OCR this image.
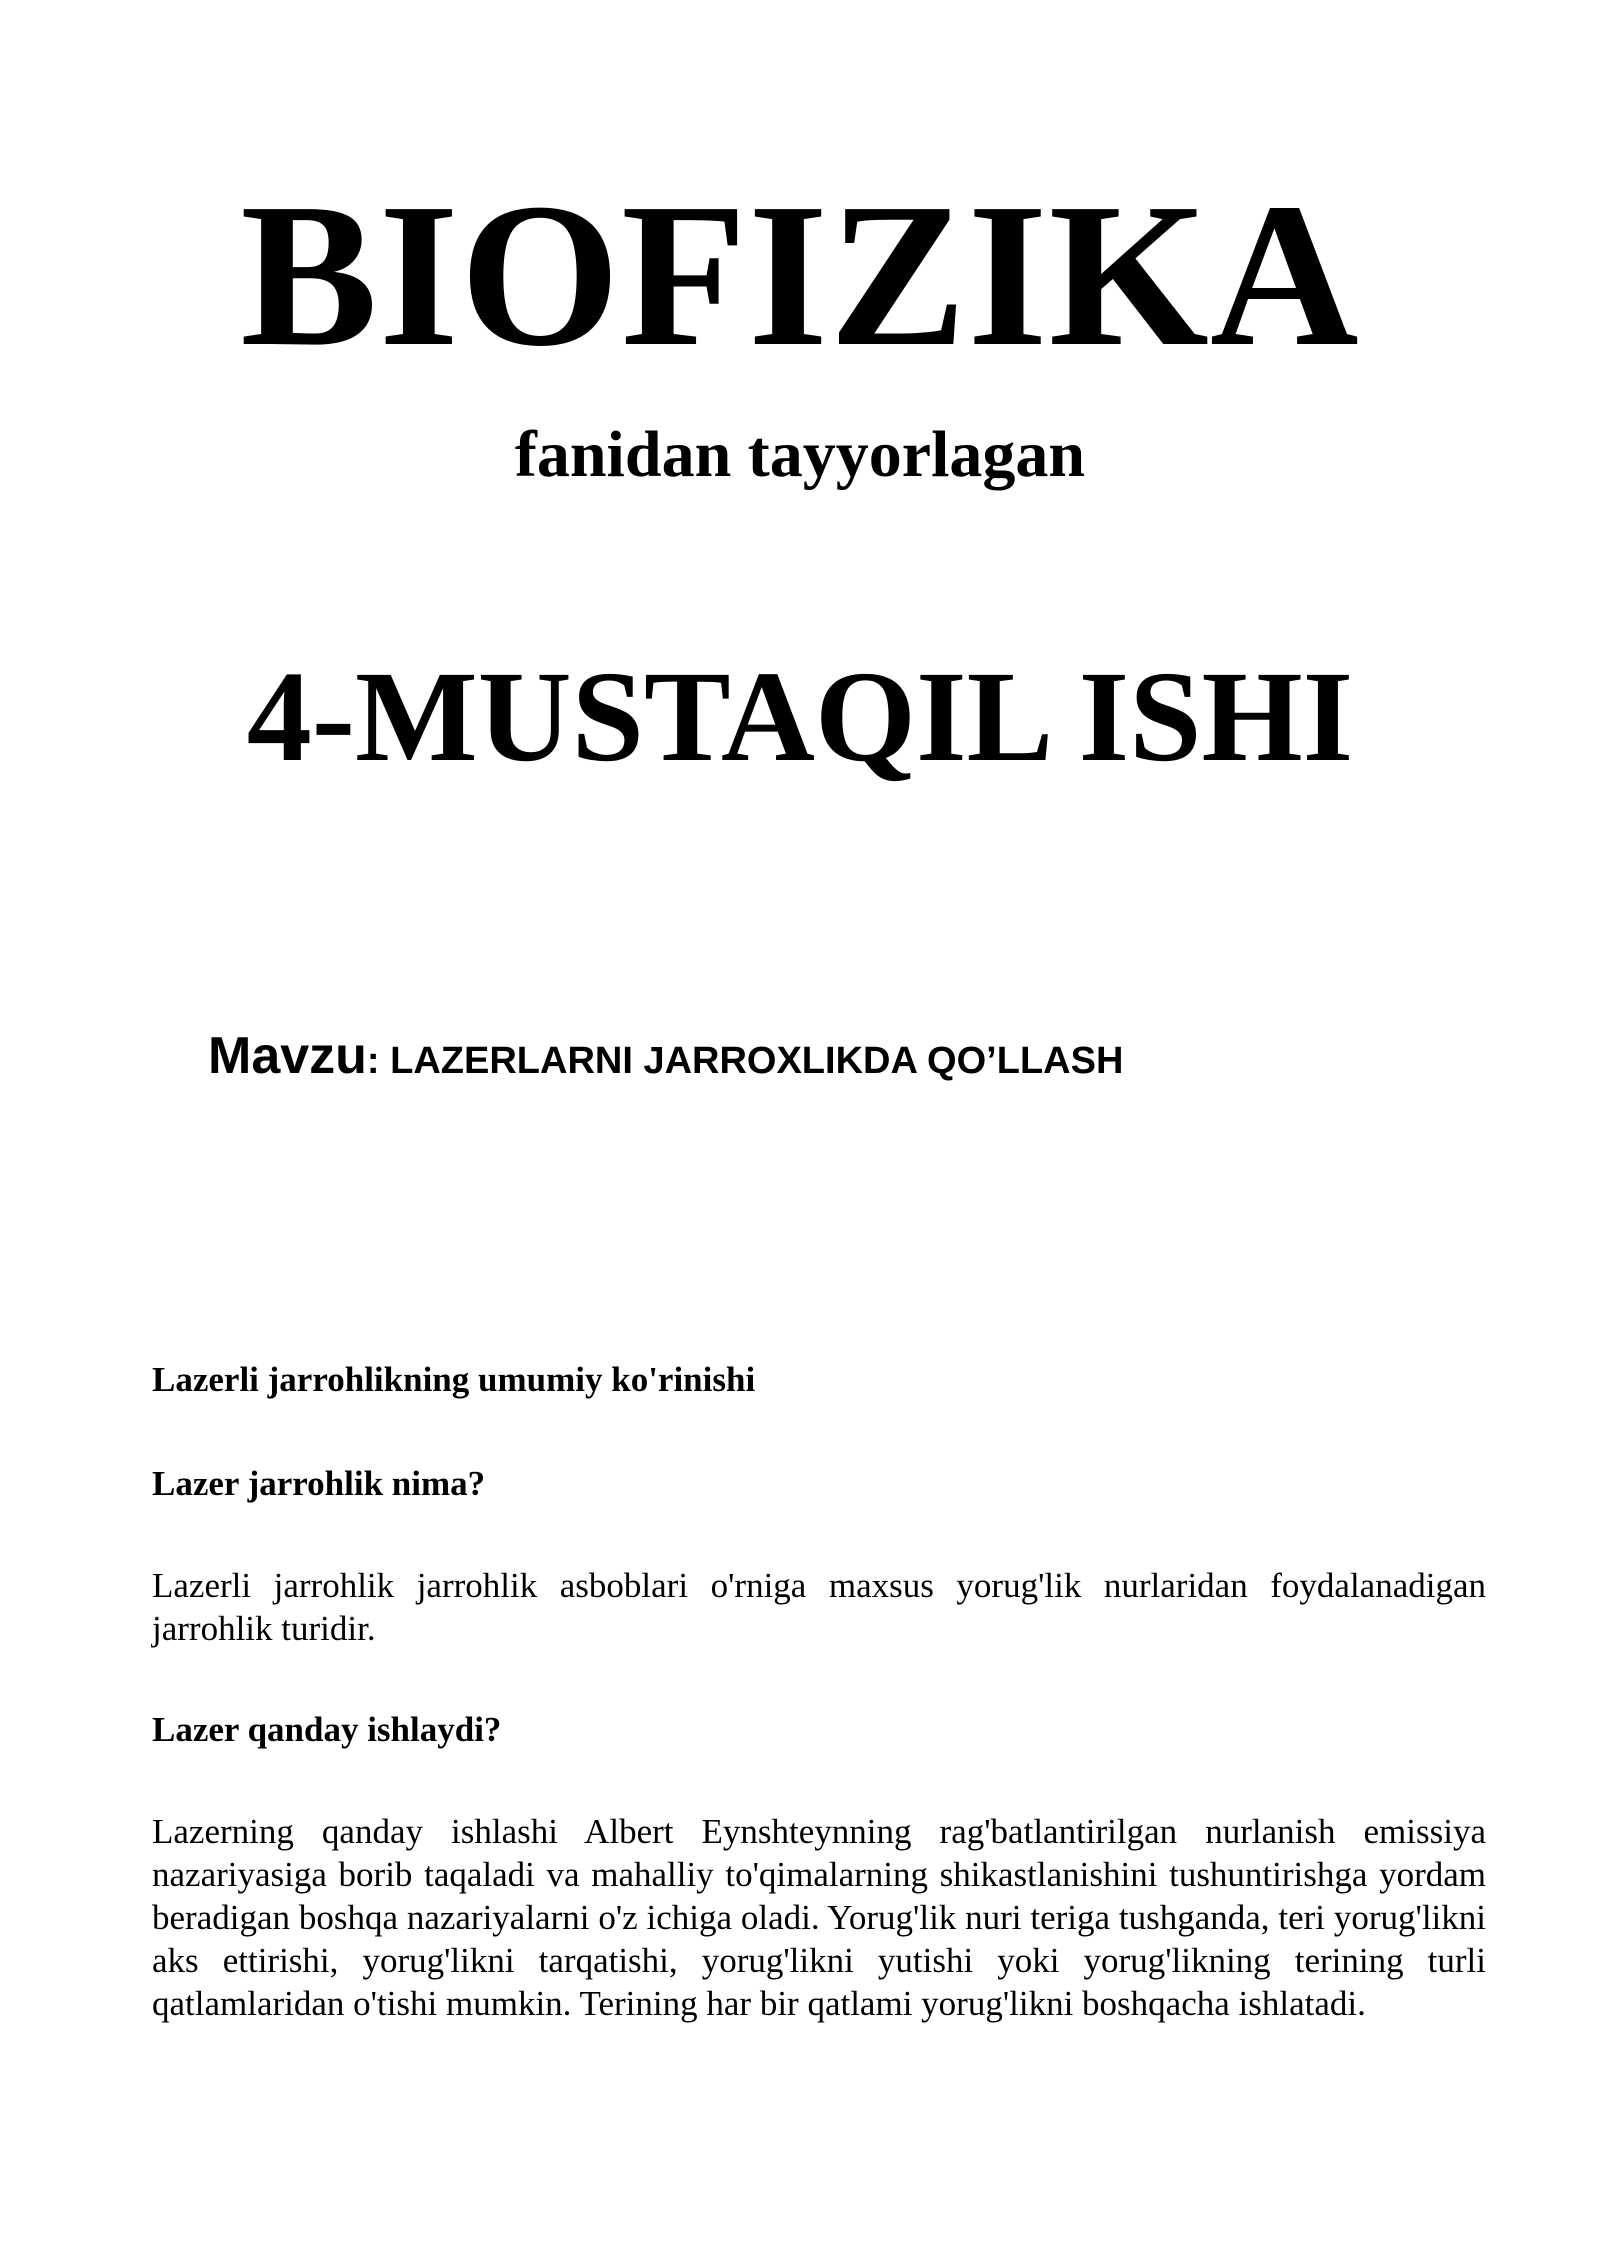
BIOFIZIKA
fanidan tayyorlagan
4-MUSTAQIL ISHI
Mavzu: LAZERLARNI JARROXLIKDA QO’LLASH

Lazerli jarrohlikning umumiy ko'rinishi

Lazer jarrohlik nima?

Lazerli jarrohlik jarrohlik asboblari o'rniga maxsus yorug'lik nurlaridan foydalanadigan jarrohlik turidir.

Lazer qanday ishlaydi?

Lazerning qanday ishlashi Albert Eynshteynning rag'batlantirilgan nurlanish emissiya nazariyasiga borib taqaladi va mahalliy to'qimalarning shikastlanishini tushuntirishga yordam beradigan boshqa nazariyalarni o'z ichiga oladi. Yorug'lik nuri teriga tushganda, teri yorug'likni aks ettirishi, yorug'likni tarqatishi, yorug'likni yutishi yoki yorug'likning terining turli qatlamlaridan o'tishi mumkin. Terining har bir qatlami yorug'likni boshqacha ishlatadi.
